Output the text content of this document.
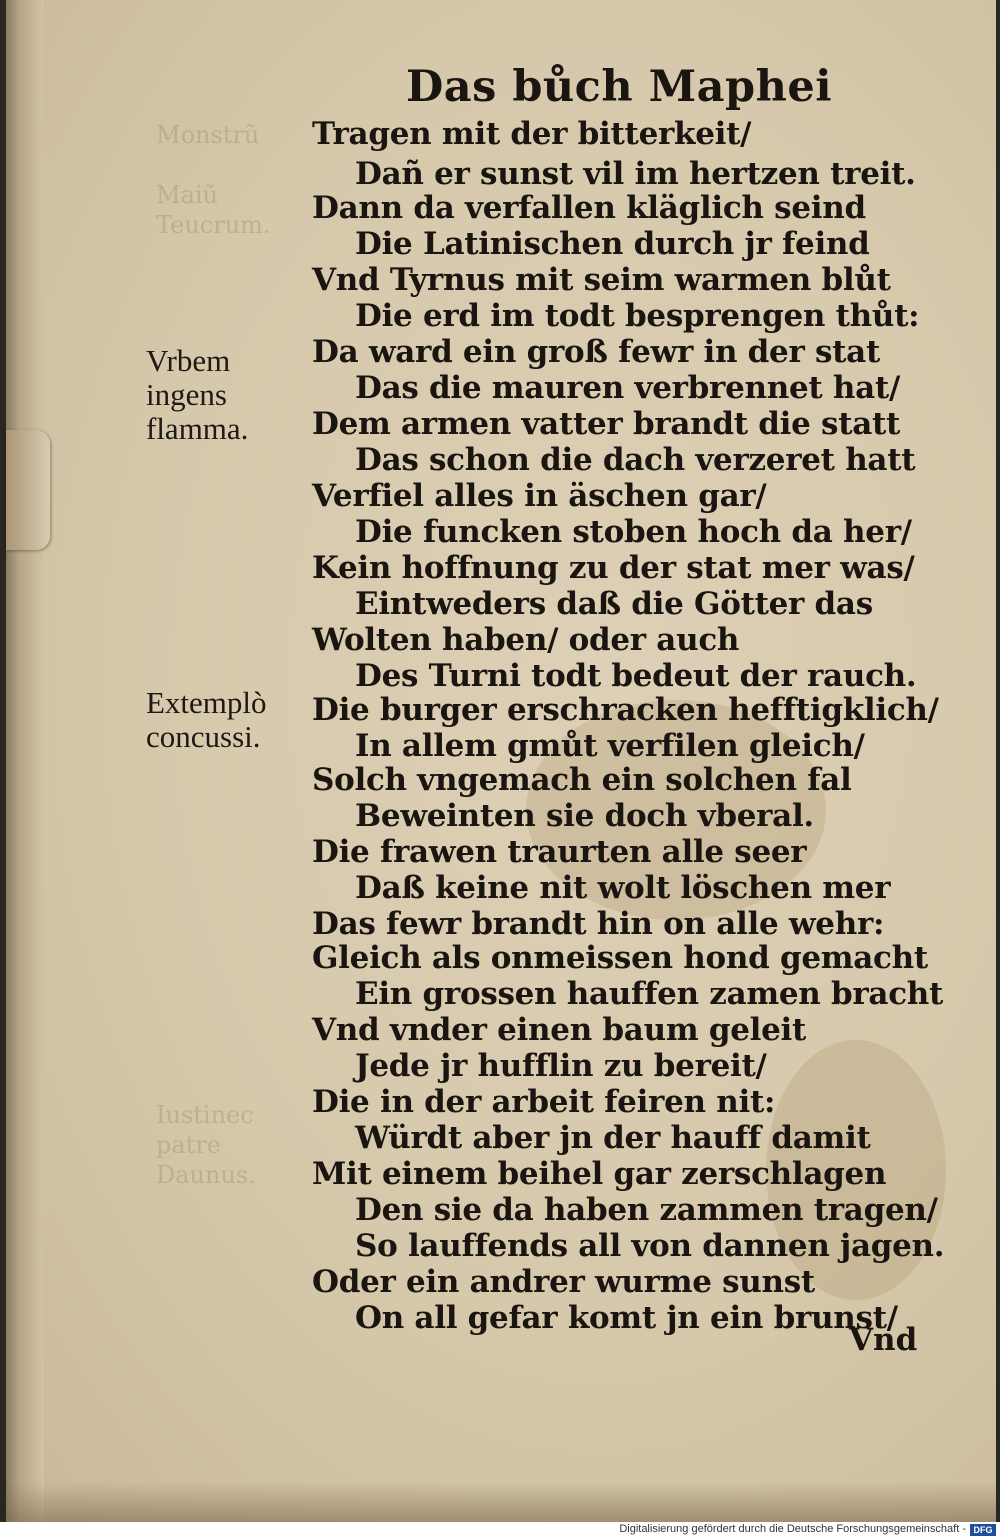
Monstrũ

Maiũ
Teucrum.
Iustinec
patre
Daunus.
Das bůch Maphei

Vrbem
ingens
flamma.

Extemplò
concussi.

Tragen mit der bitterkeit/

Dañ er sunst vil im hertzen treit.

Dann da verfallen kläglich seind

Die Latinischen durch jr feind

Vnd Tyrnus mit seim warmen blůt

Die erd im todt besprengen thůt:

Da ward ein groß fewr in der stat

Das die mauren verbrennet hat/

Dem armen vatter brandt die statt

Das schon die dach verzeret hatt

Verfiel alles in äschen gar/

Die funcken stoben hoch da her/

Kein hoffnung zu der stat mer was/

Eintweders daß die Götter das

Wolten haben/ oder auch

Des Turni todt bedeut der rauch.

Die burger erschracken hefftigklich/

In allem gmůt verfilen gleich/

Solch vngemach ein solchen fal

Beweinten sie doch vberal.

Die frawen traurten alle seer

Daß keine nit wolt löschen mer

Das fewr brandt hin on alle wehr:

Gleich als onmeissen hond gemacht

Ein grossen hauffen zamen bracht

Vnd vnder einen baum geleit

Jede jr hufflin zu bereit/

Die in der arbeit feiren nit:

Würdt aber jn der hauff damit

Mit einem beihel gar zerschlagen

Den sie da haben zammen tragen/

So lauffends all von dannen jagen.

Oder ein andrer wurme sunst

On all gefar komt jn ein brunst/

Vnd
Digitalisierung gefördert durch die Deutsche Forschungsgemeinschaft - DFG
